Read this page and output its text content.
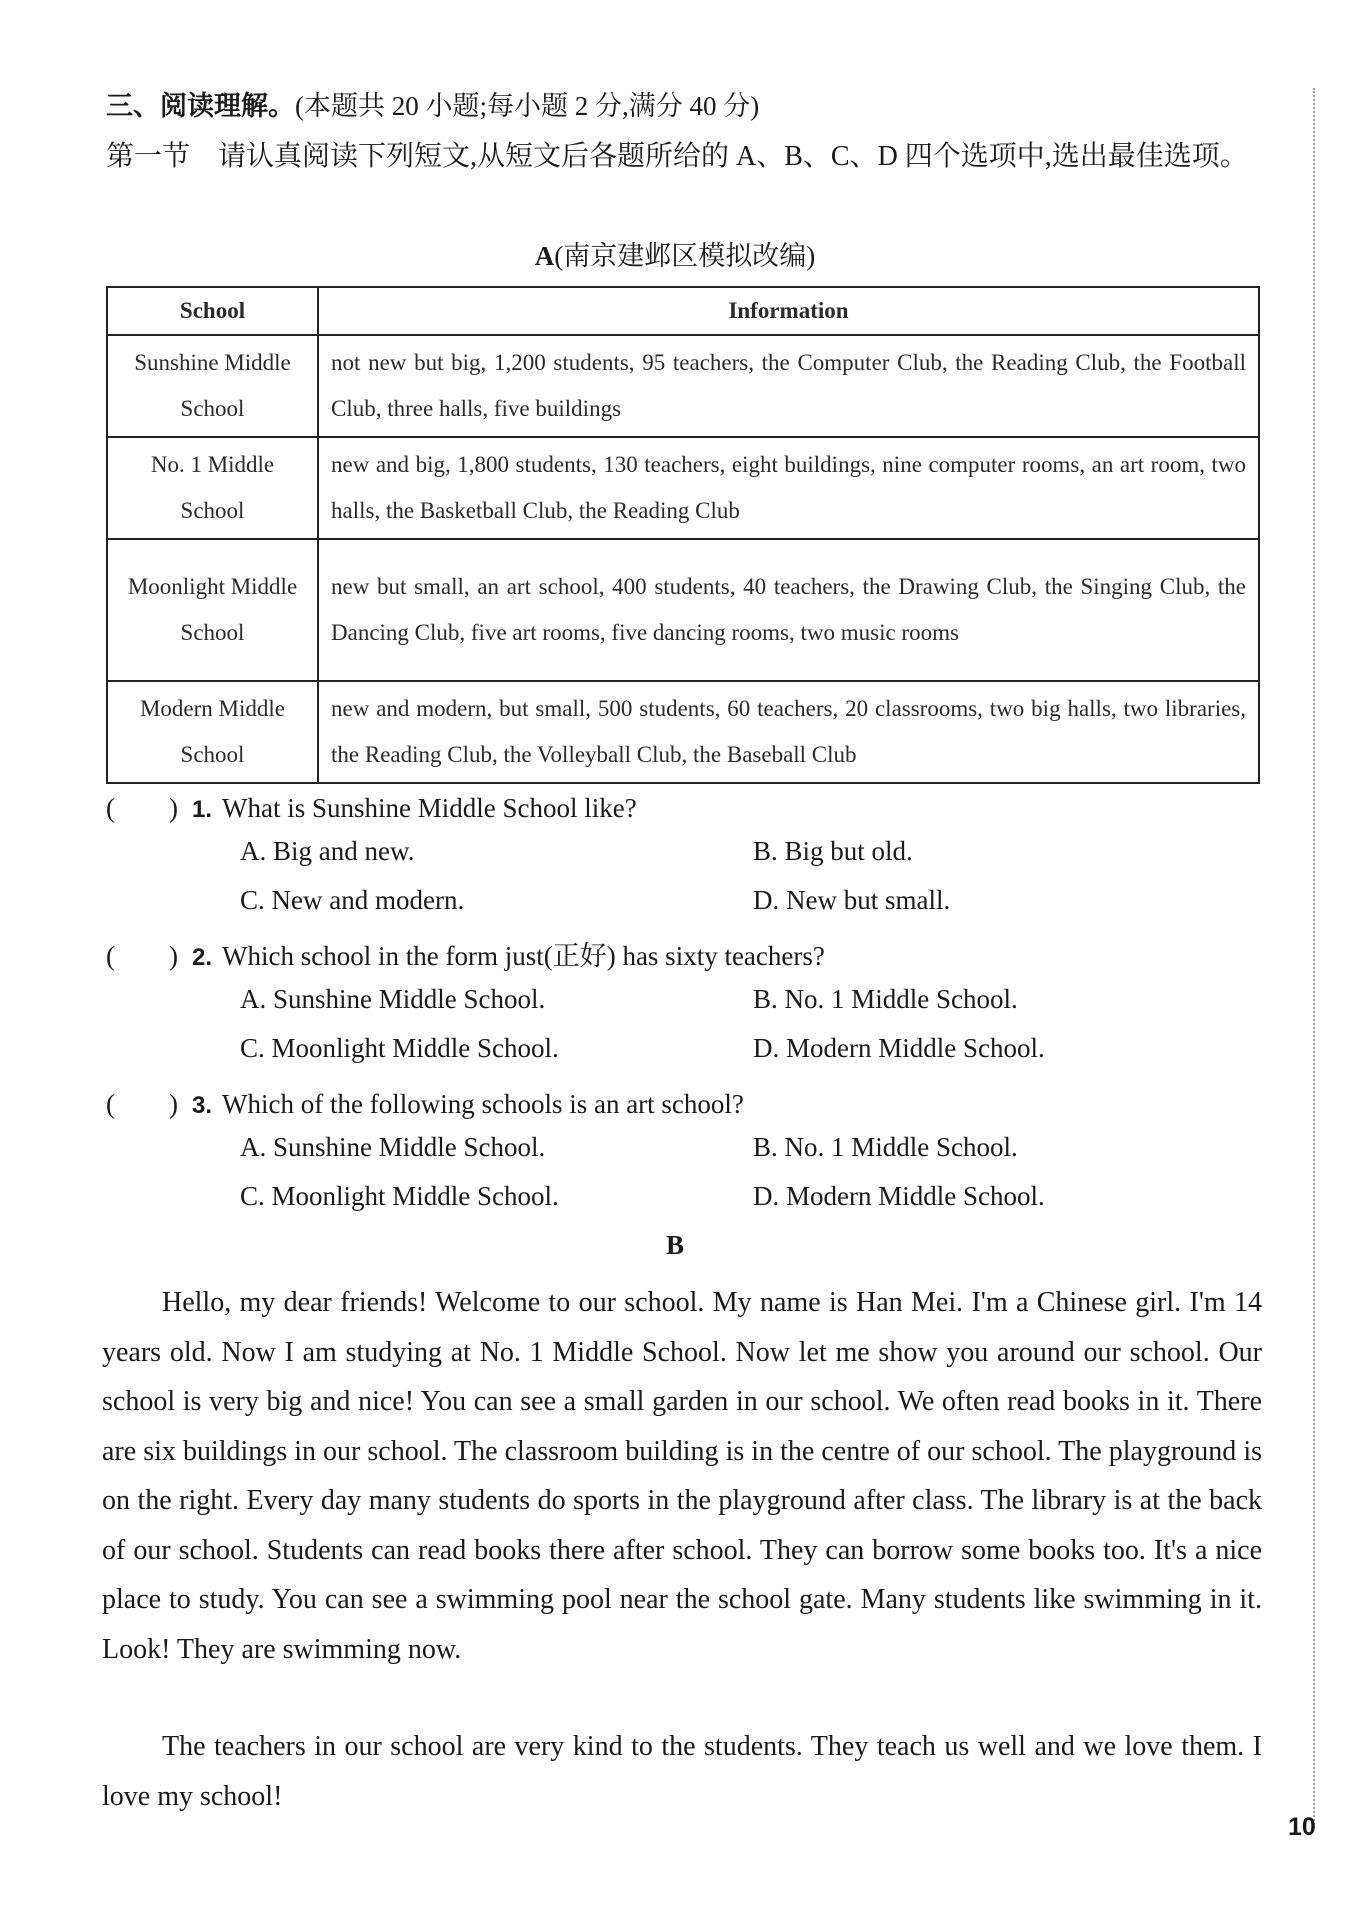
三、阅读理解。(本题共 20 小题;每小题 2 分,满分 40 分)
第一节 请认真阅读下列短文,从短文后各题所给的 A、B、C、D 四个选项中,选出最佳选项。
A(南京建邺区模拟改编)
School	Information
Sunshine Middle
School	not new but big, 1,200 students, 95 teachers, the Computer Club, the Reading Club, the Football Club, three halls, five buildings
No. 1 Middle
School	new and big, 1,800 students, 130 teachers, eight buildings, nine computer rooms, an art room, two halls, the Basketball Club, the Reading Club
Moonlight Middle
School	new but small, an art school, 400 students, 40 teachers, the Drawing Club, the Singing Club, the Dancing Club, five art rooms, five dancing rooms, two music rooms
Modern Middle
School	new and modern, but small, 500 students, 60 teachers, 20 classrooms, two big halls, two libraries, the Reading Club, the Volleyball Club, the Baseball Club
(　　) 1. What is Sunshine Middle School like?
A. Big and new.	B. Big but old.
C. New and modern.	D. New but small.
(　　) 2. Which school in the form just(正好) has sixty teachers?
A. Sunshine Middle School.	B. No. 1 Middle School.
C. Moonlight Middle School.	D. Modern Middle School.
(　　) 3. Which of the following schools is an art school?
A. Sunshine Middle School.	B. No. 1 Middle School.
C. Moonlight Middle School.	D. Modern Middle School.
B
Hello, my dear friends! Welcome to our school. My name is Han Mei. I'm a Chinese girl. I'm 14 years old. Now I am studying at No. 1 Middle School. Now let me show you around our school. Our school is very big and nice! You can see a small garden in our school. We often read books in it. There are six buildings in our school. The classroom building is in the centre of our school. The playground is on the right. Every day many students do sports in the playground after class. The library is at the back of our school. Students can read books there after school. They can borrow some books too. It's a nice place to study. You can see a swimming pool near the school gate. Many students like swimming in it. Look! They are swimming now.
The teachers in our school are very kind to the students. They teach us well and we love them. I love my school!
10
